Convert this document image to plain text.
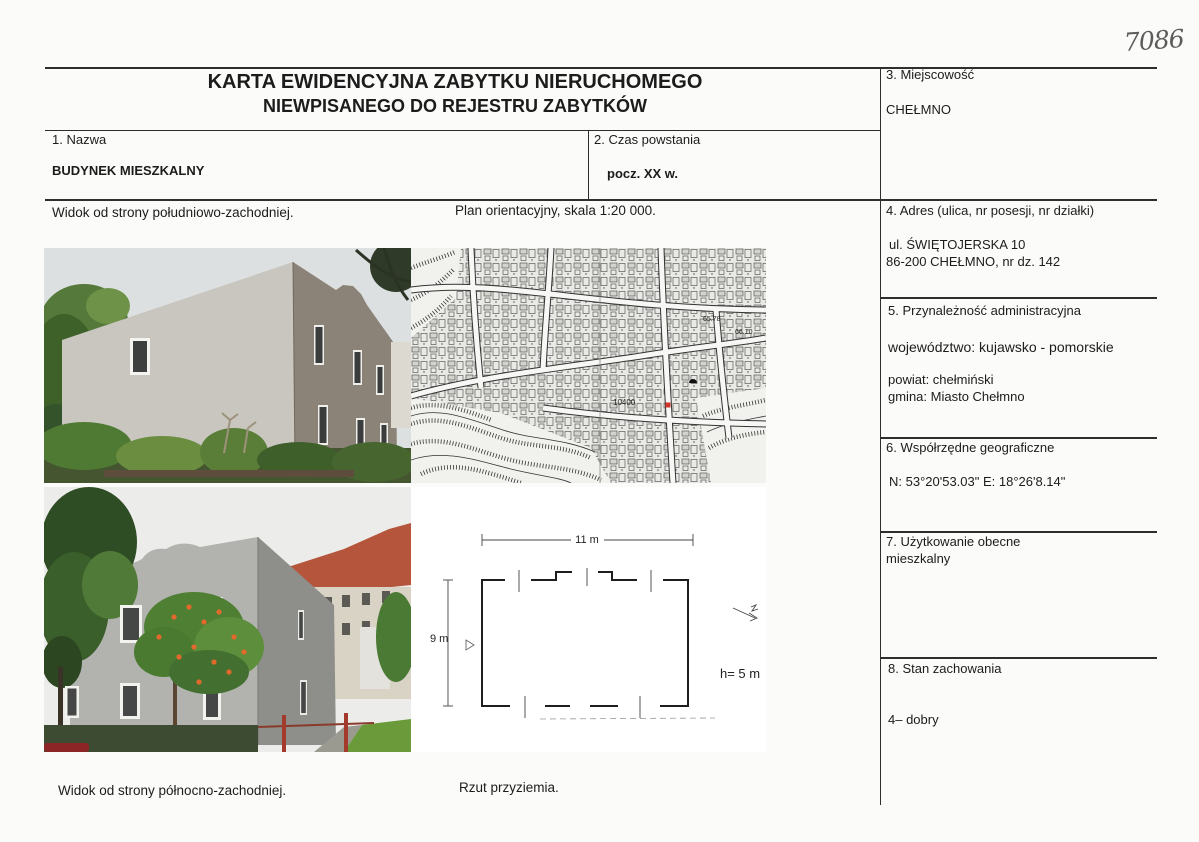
7086
KARTA EWIDENCYJNA ZABYTKU NIERUCHOMEGO
NIEWPISANEGO DO REJESTRU ZABYTKÓW
3. Miejscowość
CHEŁMNO
1. Nazwa
BUDYNEK MIESZKALNY
2. Czas powstania
pocz. XX w.
Widok od strony południowo-zachodniej.	Plan orientacyjny, skala 1:20 000.
Widok od strony północno-zachodniej.	Rzut przyziemia.
4. Adres (ulica, nr posesji, nr działki)
ul. ŚWIĘTOJERSKA 10
86-200 CHEŁMNO, nr dz. 142
5. Przynależność administracyjna
województwo: kujawsko - pomorskie
powiat: chełmiński
gmina: Miasto Chełmno
6. Współrzędne geograficzne
N: 53°20'53.03" E: 18°26'8.14"
7. Użytkowanie obecne
mieszkalny
8. Stan zachowania
4– dobry
10400
65.78
66.10
11 m
9 m
h= 5 m
